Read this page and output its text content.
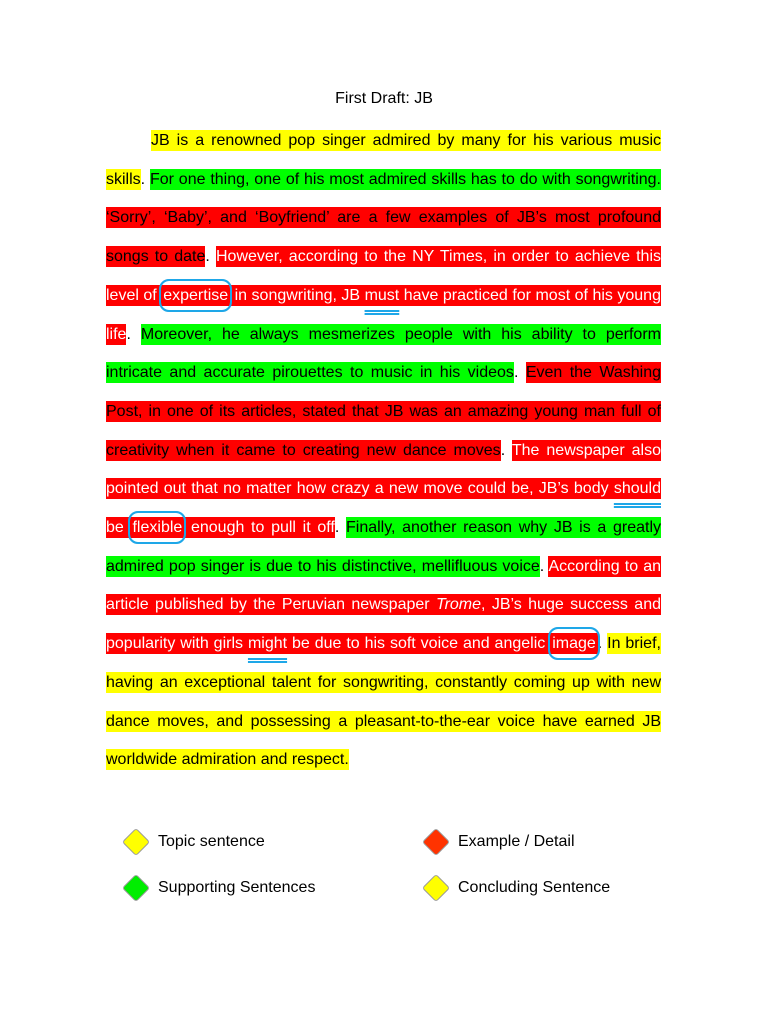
First Draft: JB

JB is a renowned pop singer admired by many for his various music skills. For one thing, one of his most admired skills has to do with songwriting. ‘Sorry’, ‘Baby’, and ‘Boyfriend’ are a few examples of JB’s most profound songs to date. However, according to the NY Times, in order to achieve this level of expertise in songwriting, JB must have practiced for most of his young life. Moreover, he always mesmerizes people with his ability to perform intricate and accurate pirouettes to music in his videos. Even the Washing Post, in one of its articles, stated that JB was an amazing young man full of creativity when it came to creating new dance moves. The newspaper also pointed out that no matter how crazy a new move could be, JB’s body should be flexible enough to pull it off. Finally, another reason why JB is a greatly admired pop singer is due to his distinctive, mellifluous voice. According to an article published by the Peruvian newspaper Trome, JB’s huge success and popularity with girls might be due to his soft voice and angelic image . In brief, having an exceptional talent for songwriting, constantly coming up with new dance moves, and possessing a pleasant-to-the-ear voice have earned JB worldwide admiration and respect.

Topic sentence
Supporting Sentences
Example / Detail
Concluding Sentence
